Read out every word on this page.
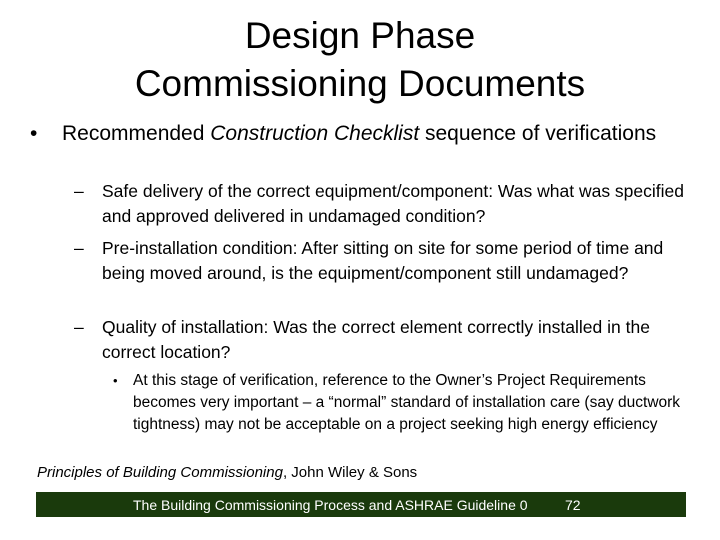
Design Phase
Commissioning Documents
• Recommended Construction Checklist sequence of verifications
– Safe delivery of the correct equipment/component: Was what was specified and approved delivered in undamaged condition?
– Pre-installation condition: After sitting on site for some period of time and being moved around, is the equipment/component still undamaged?
– Quality of installation: Was the correct element correctly installed in the correct location?
• At this stage of verification, reference to the Owner’s Project Requirements becomes very important – a “normal” standard of installation care (say ductwork tightness) may not be acceptable on a project seeking high energy efficiency
Principles of Building Commissioning, John Wiley & Sons
The Building Commissioning Process and ASHRAE Guideline 0	72
